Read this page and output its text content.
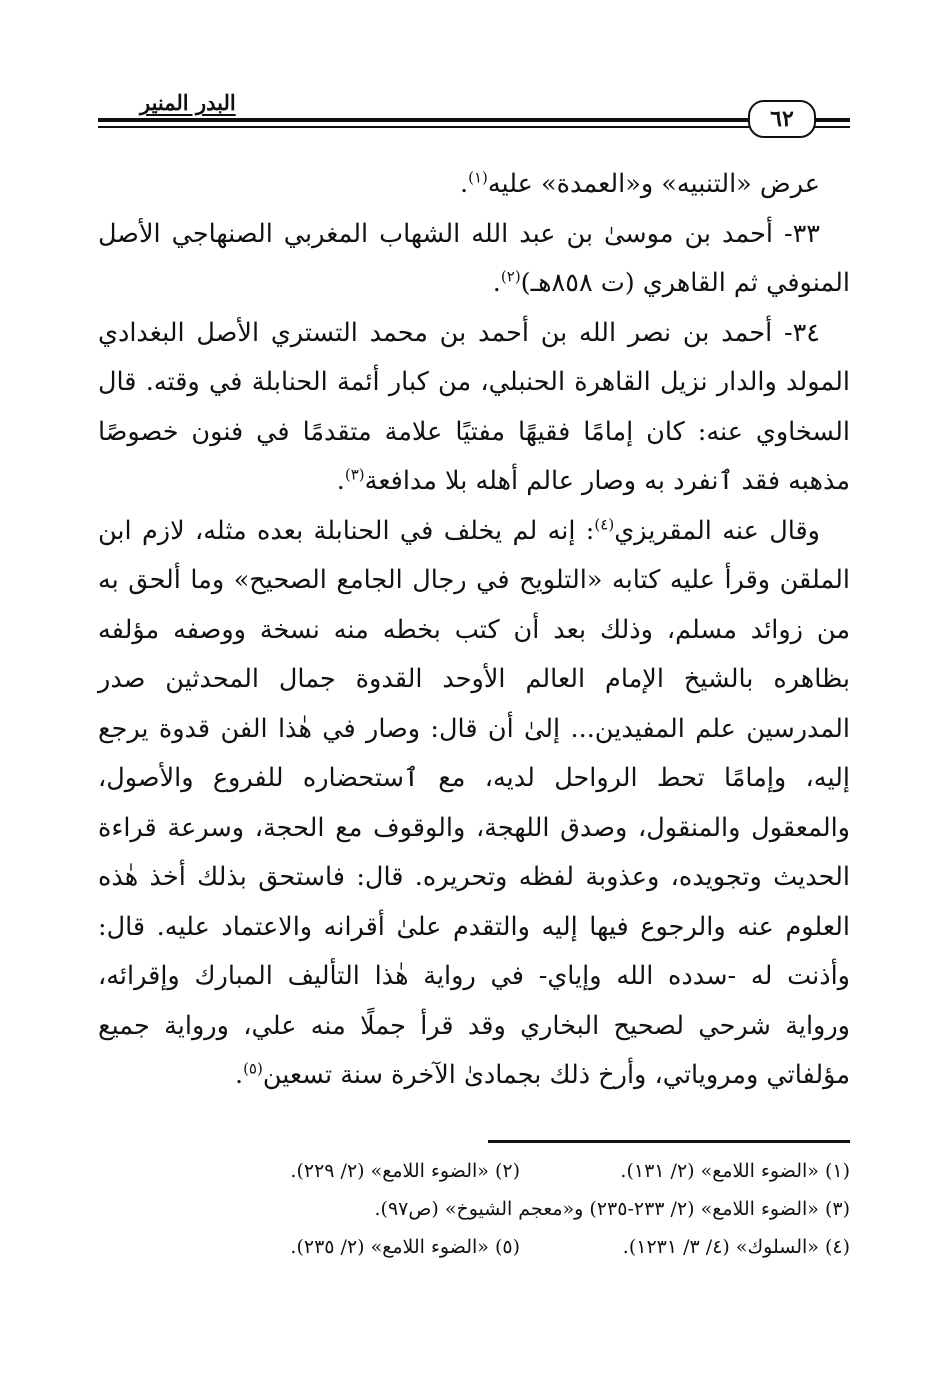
البدر المنير
٦٢

عرض «التنبيه» و«العمدة» عليه$^{(١)}$.

٣٣- أحمد بن موسىٰ بن عبد الله الشهاب المغربي الصنهاجي الأصل المنوفي ثم القاهري (ت ٨٥٨هـ)$^{(٢)}$.

٣٤- أحمد بن نصر الله بن أحمد بن محمد التستري الأصل البغدادي المولد والدار نزيل القاهرة الحنبلي، من كبار أئمة الحنابلة في وقته. قال السخاوي عنه: كان إمامًا فقيهًا مفتيًا علامة متقدمًا في فنون خصوصًا مذهبه فقد ٱنفرد به وصار عالم أهله بلا مدافعة$^{(٣)}$.

وقال عنه المقريزي$^{(٤)}$: إنه لم يخلف في الحنابلة بعده مثله، لازم ابن الملقن وقرأ عليه كتابه «التلويح في رجال الجامع الصحيح» وما ألحق به من زوائد مسلم، وذلك بعد أن كتب بخطه منه نسخة ووصفه مؤلفه بظاهره بالشيخ الإمام العالم الأوحد القدوة جمال المحدثين صدر المدرسين علم المفيدين... إلىٰ أن قال: وصار في هٰذا الفن قدوة يرجع إليه، وإمامًا تحط الرواحل لديه، مع ٱستحضاره للفروع والأصول، والمعقول والمنقول، وصدق اللهجة، والوقوف مع الحجة، وسرعة قراءة الحديث وتجويده، وعذوبة لفظه وتحريره. قال: فاستحق بذلك أخذ هٰذه العلوم عنه والرجوع فيها إليه والتقدم علىٰ أقرانه والاعتماد عليه. قال: وأذنت له -سدده الله وإياي- في رواية هٰذا التأليف المبارك وإقرائه، ورواية شرحي لصحيح البخاري وقد قرأ جملًا منه علي، ورواية جميع مؤلفاتي ومروياتي، وأرخ ذلك بجمادىٰ الآخرة سنة تسعين$^{(٥)}$.

(١) «الضوء اللامع» (٢/ ١٣١).
(٢) «الضوء اللامع» (٢/ ٢٢٩).
(٣) «الضوء اللامع» (٢/ ٢٣٣-٢٣٥) و«معجم الشيوخ» (ص٩٧).
(٤) «السلوك» (٤/ ٣/ ١٢٣١).
(٥) «الضوء اللامع» (٢/ ٢٣٥).
